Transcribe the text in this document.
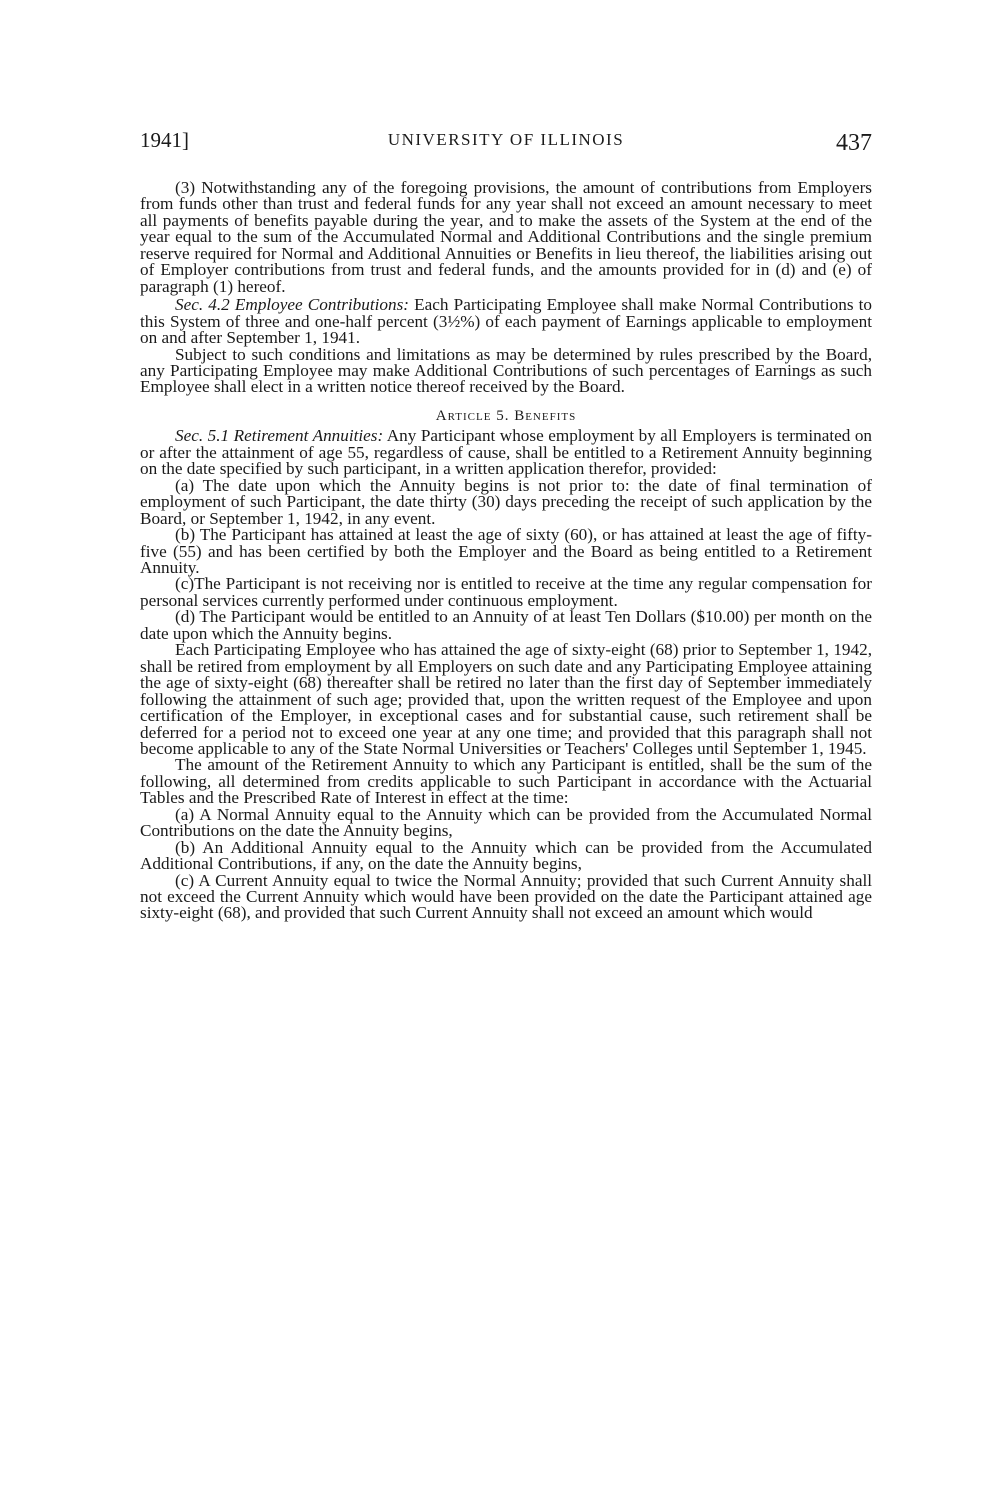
1941]	UNIVERSITY OF ILLINOIS	437

(3) Notwithstanding any of the foregoing provisions, the amount of contributions from Employers from funds other than trust and federal funds for any year shall not exceed an amount necessary to meet all payments of benefits payable during the year, and to make the assets of the System at the end of the year equal to the sum of the Accumulated Normal and Additional Contributions and the single premium reserve required for Normal and Additional Annuities or Benefits in lieu thereof, the liabilities arising out of Employer contributions from trust and federal funds, and the amounts provided for in (d) and (e) of paragraph (1) hereof.

Sec. 4.2 Employee Contributions: Each Participating Employee shall make Normal Contributions to this System of three and one-half percent (3½%) of each payment of Earnings applicable to employment on and after September 1, 1941.

Subject to such conditions and limitations as may be determined by rules prescribed by the Board, any Participating Employee may make Additional Contributions of such percentages of Earnings as such Employee shall elect in a written notice thereof received by the Board.

Article 5. Benefits

Sec. 5.1 Retirement Annuities: Any Participant whose employment by all Employers is terminated on or after the attainment of age 55, regardless of cause, shall be entitled to a Retirement Annuity beginning on the date specified by such participant, in a written application therefor, provided:

(a) The date upon which the Annuity begins is not prior to: the date of final termination of employment of such Participant, the date thirty (30) days preceding the receipt of such application by the Board, or September 1, 1942, in any event.

(b) The Participant has attained at least the age of sixty (60), or has attained at least the age of fifty-five (55) and has been certified by both the Employer and the Board as being entitled to a Retirement Annuity.

(c)The Participant is not receiving nor is entitled to receive at the time any regular compensation for personal services currently performed under continuous employment.

(d) The Participant would be entitled to an Annuity of at least Ten Dollars ($10.00) per month on the date upon which the Annuity begins.

Each Participating Employee who has attained the age of sixty-eight (68) prior to September 1, 1942, shall be retired from employment by all Employers on such date and any Participating Employee attaining the age of sixty-eight (68) thereafter shall be retired no later than the first day of September immediately following the attainment of such age; provided that, upon the written request of the Employee and upon certification of the Employer, in exceptional cases and for substantial cause, such retirement shall be deferred for a period not to exceed one year at any one time; and provided that this paragraph shall not become applicable to any of the State Normal Universities or Teachers' Colleges until September 1, 1945.

The amount of the Retirement Annuity to which any Participant is entitled, shall be the sum of the following, all determined from credits applicable to such Participant in accordance with the Actuarial Tables and the Prescribed Rate of Interest in effect at the time:

(a) A Normal Annuity equal to the Annuity which can be provided from the Accumulated Normal Contributions on the date the Annuity begins,

(b) An Additional Annuity equal to the Annuity which can be provided from the Accumulated Additional Contributions, if any, on the date the Annuity begins,

(c) A Current Annuity equal to twice the Normal Annuity; provided that such Current Annuity shall not exceed the Current Annuity which would have been provided on the date the Participant attained age sixty-eight (68), and provided that such Current Annuity shall not exceed an amount which would
